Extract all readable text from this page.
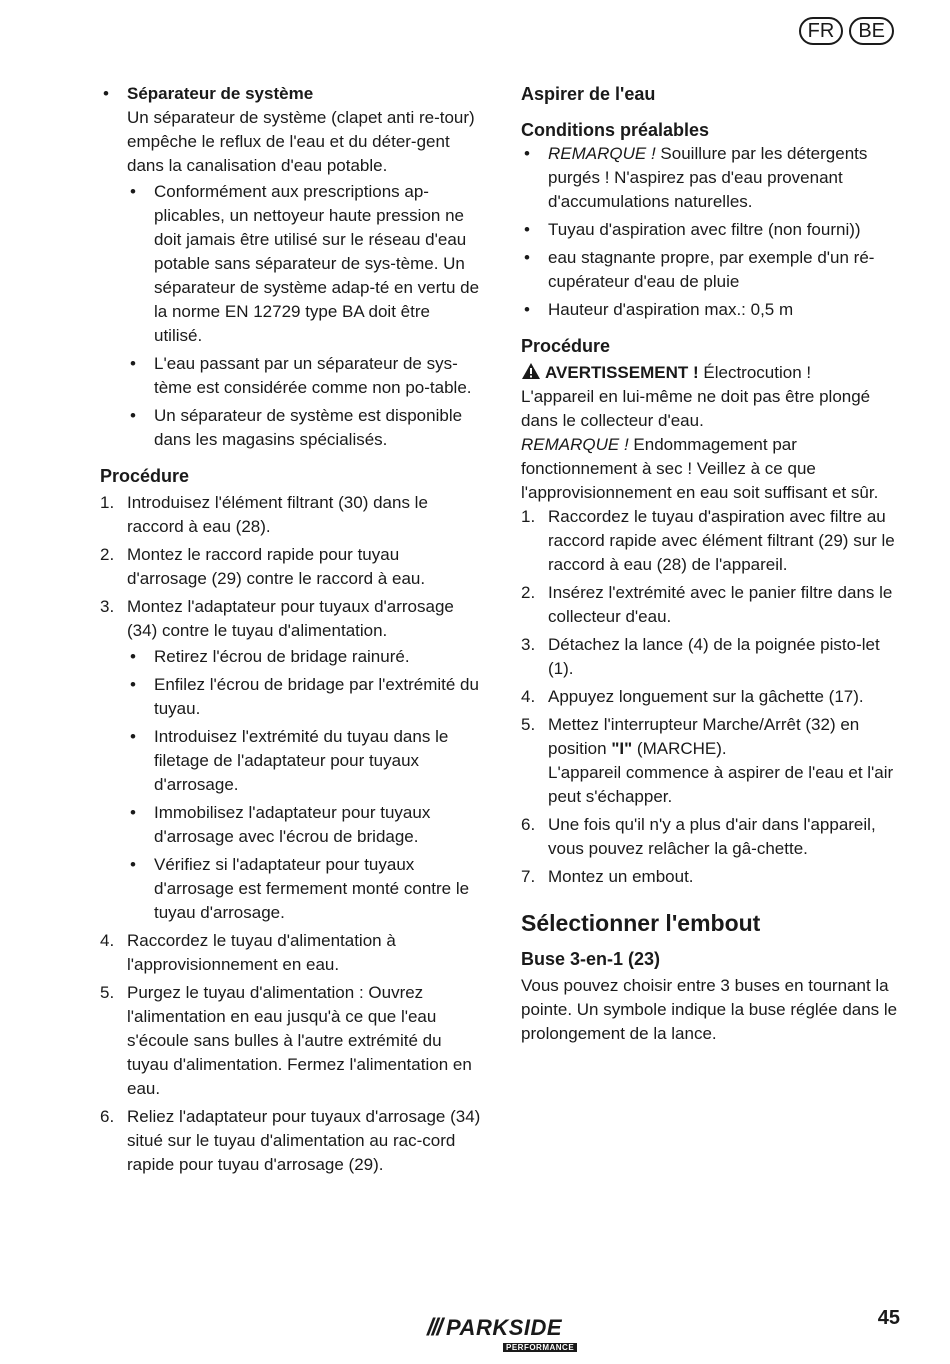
FR	BE
• Séparateur de système
Un séparateur de système (clapet anti re-tour) empêche le reflux de l'eau et du déter-gent dans la canalisation d'eau potable.
• Conformément aux prescriptions ap-plicables, un nettoyeur haute pression ne doit jamais être utilisé sur le réseau d'eau potable sans séparateur de sys-tème. Un séparateur de système adap-té en vertu de la norme EN 12729 type BA doit être utilisé.
• L'eau passant par un séparateur de sys-tème est considérée comme non po-table.
• Un séparateur de système est disponible dans les magasins spécialisés.
Procédure
1. Introduisez l'élément filtrant (30) dans le raccord à eau (28).
2. Montez le raccord rapide pour tuyau d'arrosage (29) contre le raccord à eau.
3. Montez l'adaptateur pour tuyaux d'arrosage (34) contre le tuyau d'alimentation.
• Retirez l'écrou de bridage rainuré.
• Enfilez l'écrou de bridage par l'extrémité du tuyau.
• Introduisez l'extrémité du tuyau dans le filetage de l'adaptateur pour tuyaux d'arrosage.
• Immobilisez l'adaptateur pour tuyaux d'arrosage avec l'écrou de bridage.
• Vérifiez si l'adaptateur pour tuyaux d'arrosage est fermement monté contre le tuyau d'arrosage.
4. Raccordez le tuyau d'alimentation à l'approvisionnement en eau.
5. Purgez le tuyau d'alimentation : Ouvrez l'alimentation en eau jusqu'à ce que l'eau s'écoule sans bulles à l'autre extrémité du tuyau d'alimentation. Fermez l'alimentation en eau.
6. Reliez l'adaptateur pour tuyaux d'arrosage (34) situé sur le tuyau d'alimentation au rac-cord rapide pour tuyau d'arrosage (29).
Aspirer de l'eau
Conditions préalables
• REMARQUE ! Souillure par les détergents purgés ! N'aspirez pas d'eau provenant d'accumulations naturelles.
• Tuyau d'aspiration avec filtre (non fourni))
• eau stagnante propre, par exemple d'un ré-cupérateur d'eau de pluie
• Hauteur d'aspiration max.: 0,5 m
Procédure

AVERTISSEMENT ! Électrocution !
L'appareil en lui-même ne doit pas être plongé dans le collecteur d'eau.

REMARQUE ! Endommagement par fonctionnement à sec ! Veillez à ce que l'approvisionnement en eau soit suffisant et sûr.

1. Raccordez le tuyau d'aspiration avec filtre au raccord rapide avec élément filtrant (29) sur le raccord à eau (28) de l'appareil.
2. Insérez l'extrémité avec le panier filtre dans le collecteur d'eau.
3. Détachez la lance (4) de la poignée pisto-let (1).
4. Appuyez longuement sur la gâchette (17).
5. Mettez l'interrupteur Marche/Arrêt (32) en position "I" (MARCHE).
L'appareil commence à aspirer de l'eau et l'air peut s'échapper.
6. Une fois qu'il n'y a plus d'air dans l'appareil, vous pouvez relâcher la gâ-chette.
7. Montez un embout.
Sélectionner l'embout
Buse 3-en-1 (23)

Vous pouvez choisir entre 3 buses en tournant la pointe. Un symbole indique la buse réglée dans le prolongement de la lance.

/// PARKSIDE
PERFORMANCE
45
